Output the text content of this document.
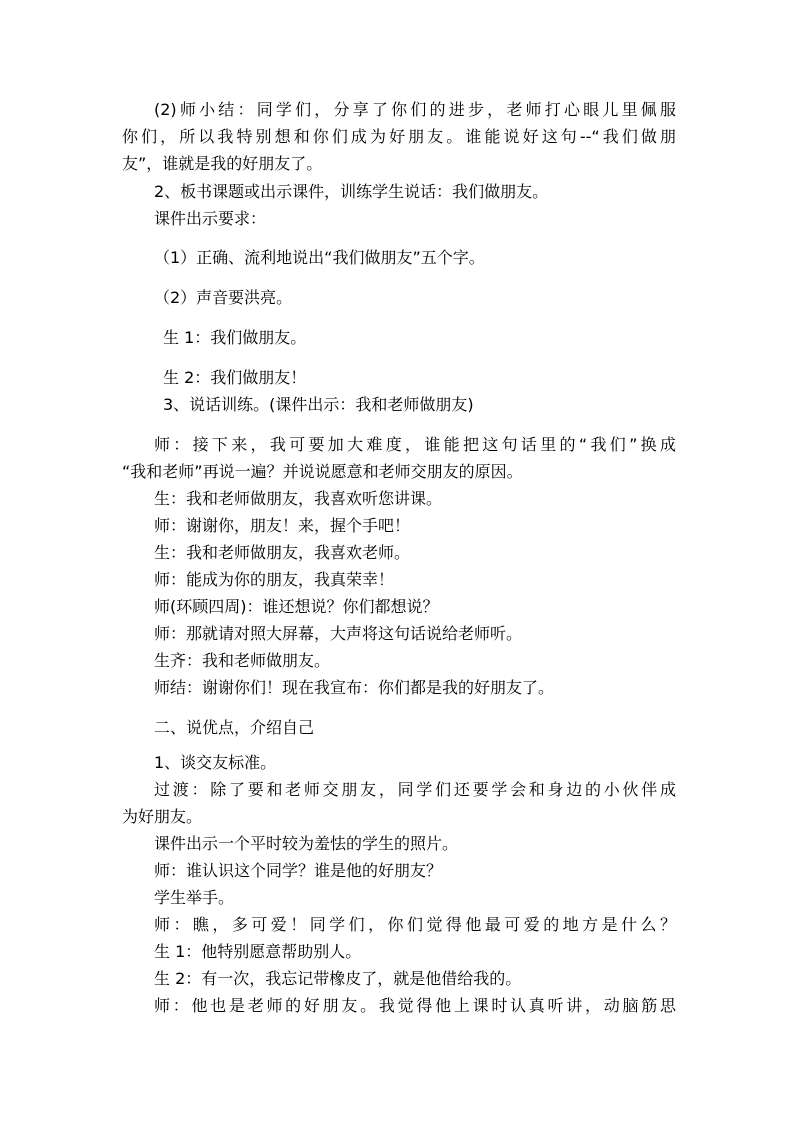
(2)师小结：同学们，分享了你们的进步，老师打心眼儿里佩服
你们，所以我特别想和你们成为好朋友。谁能说好这句--“我们做朋
友”，谁就是我的好朋友了。
2、板书课题或出示课件，训练学生说话：我们做朋友。
课件出示要求：
（1）正确、流利地说出“我们做朋友”五个字。
（2）声音要洪亮。
生 1：我们做朋友。
生 2：我们做朋友！
3、说话训练。(课件出示：我和老师做朋友)
师：接下来，我可要加大难度，谁能把这句话里的“我们”换成
“我和老师”再说一遍？并说说愿意和老师交朋友的原因。
生：我和老师做朋友，我喜欢听您讲课。
师：谢谢你，朋友！来，握个手吧！
生：我和老师做朋友，我喜欢老师。
师：能成为你的朋友，我真荣幸！
师(环顾四周)：谁还想说？你们都想说？
师：那就请对照大屏幕，大声将这句话说给老师听。
生齐：我和老师做朋友。
师结：谢谢你们！现在我宣布：你们都是我的好朋友了。
二、说优点，介绍自己
1、谈交友标准。
过渡：除了要和老师交朋友，同学们还要学会和身边的小伙伴成
为好朋友。
课件出示一个平时较为羞怯的学生的照片。
师：谁认识这个同学？谁是他的好朋友？
学生举手。
师：瞧，多可爱！同学们，你们觉得他最可爱的地方是什么？
生 1：他特别愿意帮助别人。
生 2：有一次，我忘记带橡皮了，就是他借给我的。
师：他也是老师的好朋友。我觉得他上课时认真听讲，动脑筋思
